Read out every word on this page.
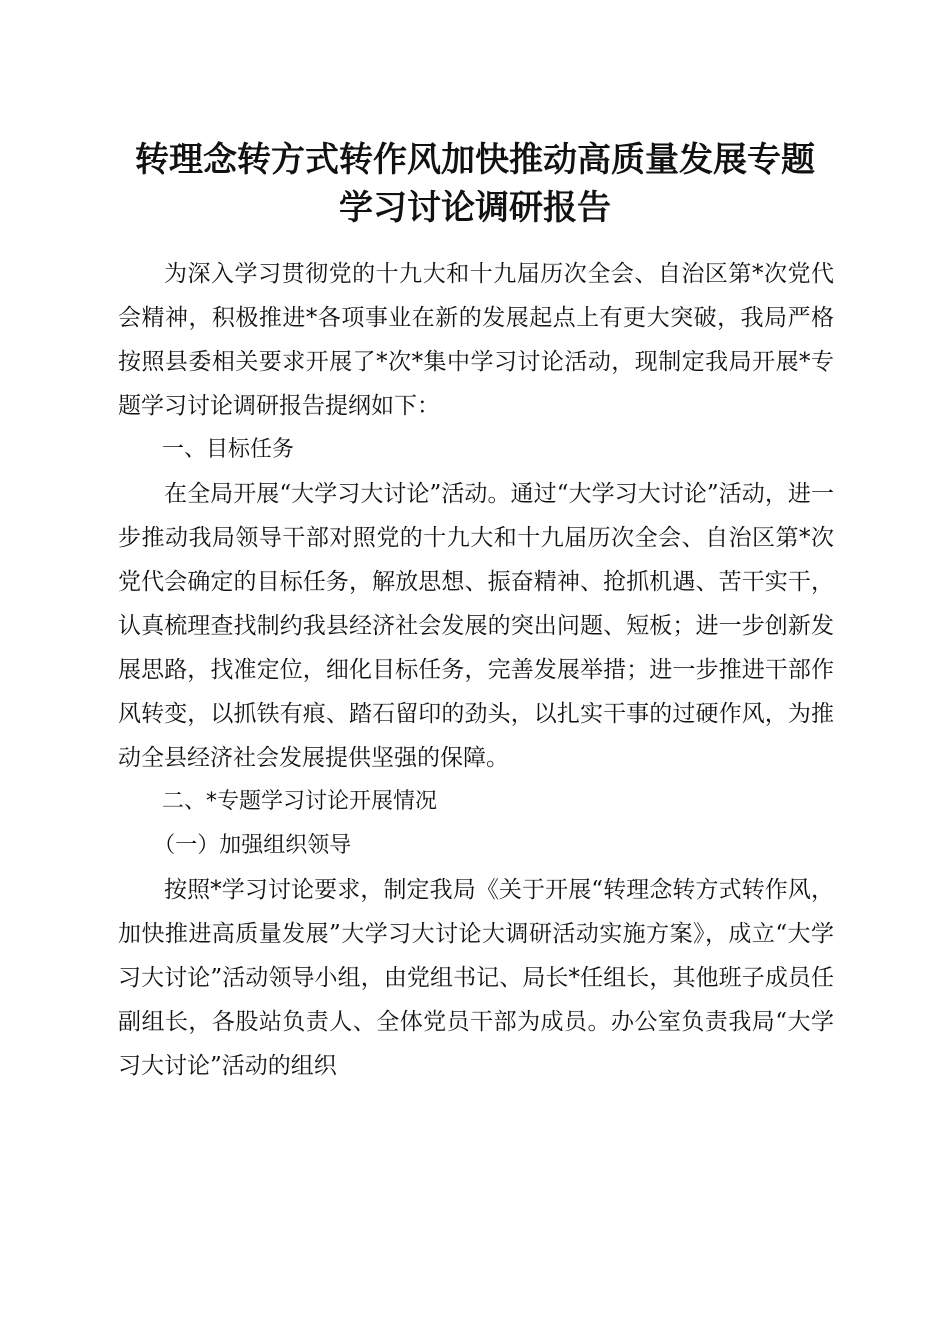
转理念转方式转作风加快推动高质量发展专题
学习讨论调研报告

为深入学习贯彻党的十九大和十九届历次全会、自治区第*次党代会精神，积极推进*各项事业在新的发展起点上有更大突破，我局严格按照县委相关要求开展了*次*集中学习讨论活动，现制定我局开展*专题学习讨论调研报告提纲如下：

一、目标任务

在全局开展“大学习大讨论”活动。通过“大学习大讨论”活动，进一步推动我局领导干部对照党的十九大和十九届历次全会、自治区第*次党代会确定的目标任务，解放思想、振奋精神、抢抓机遇、苦干实干，认真梳理查找制约我县经济社会发展的突出问题、短板；进一步创新发展思路，找准定位，细化目标任务，完善发展举措；进一步推进干部作风转变，以抓铁有痕、踏石留印的劲头，以扎实干事的过硬作风，为推动全县经济社会发展提供坚强的保障。

二、*专题学习讨论开展情况
（一）加强组织领导

按照*学习讨论要求，制定我局《关于开展“转理念转方式转作风，加快推进高质量发展”大学习大讨论大调研活动实施方案》，成立“大学习大讨论”活动领导小组，由党组书记、局长*任组长，其他班子成员任副组长，各股站负责人、全体党员干部为成员。办公室负责我局“大学习大讨论”活动的组织
